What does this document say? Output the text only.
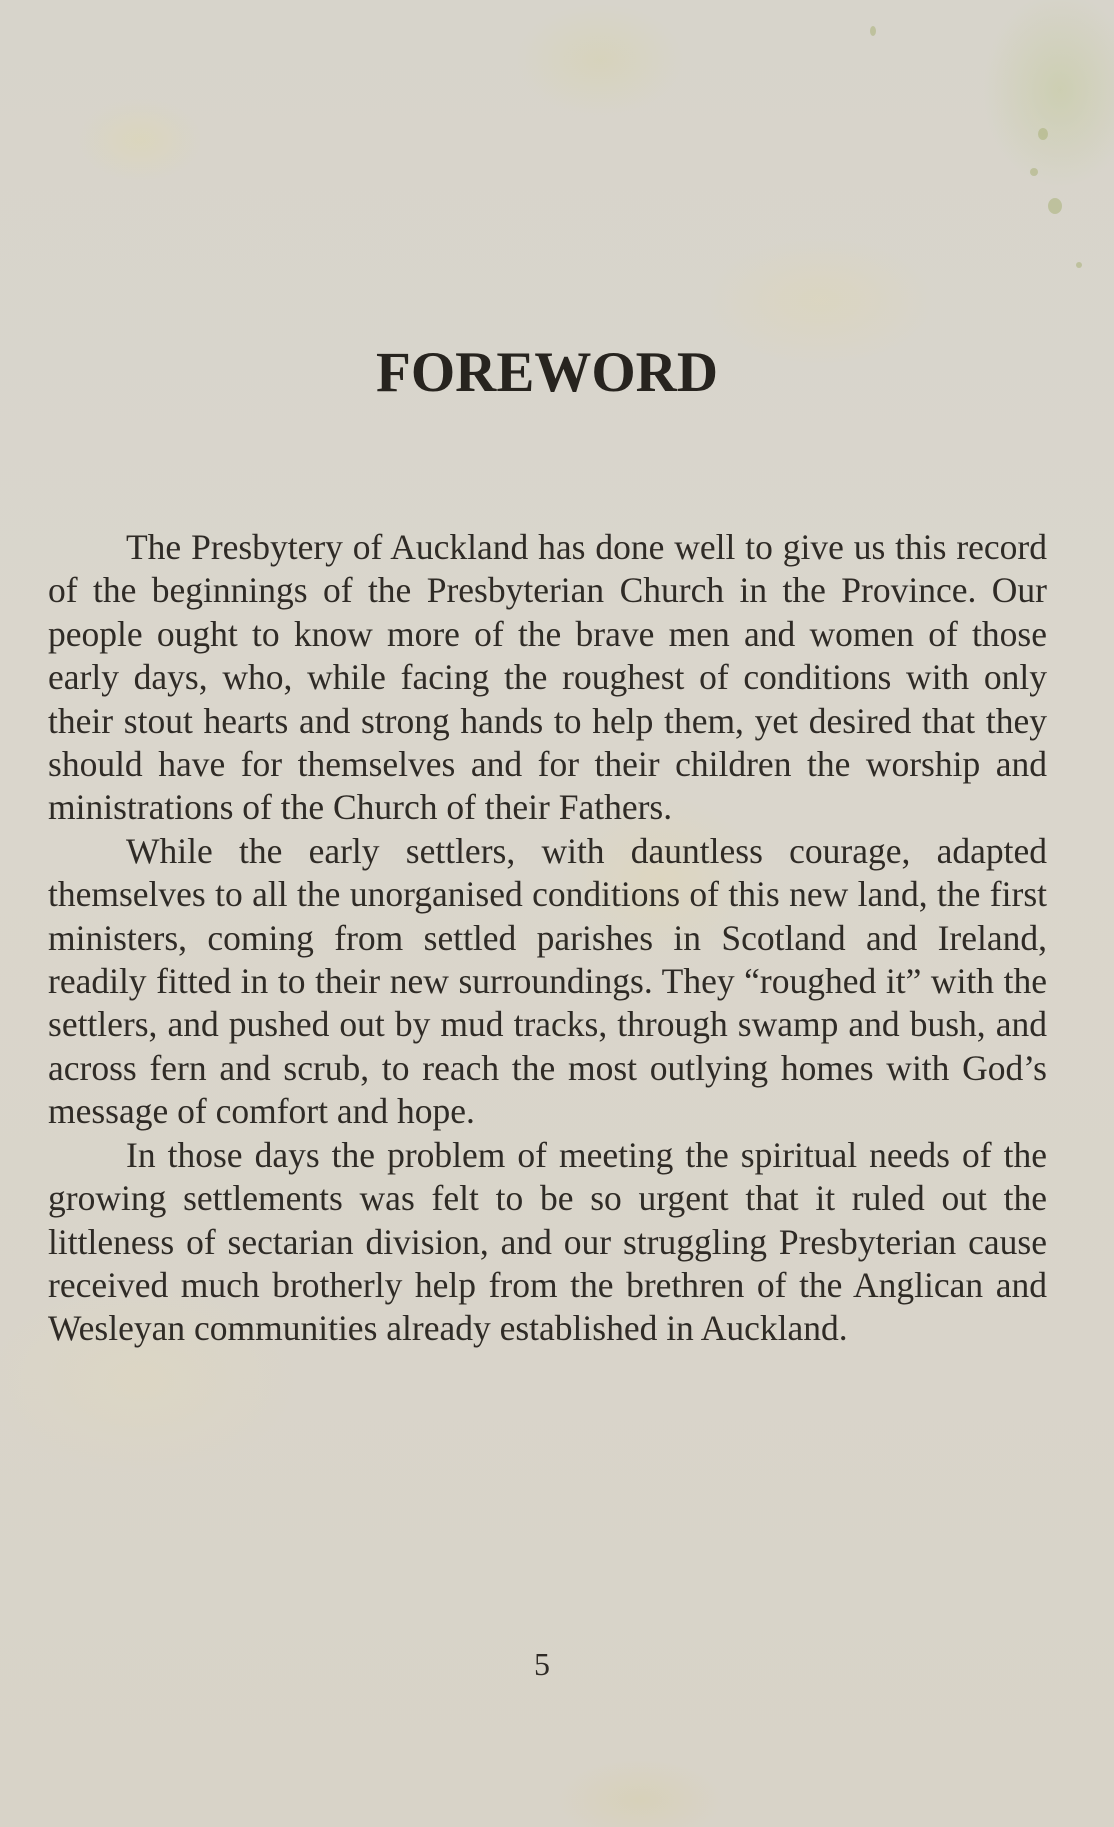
FOREWORD

The Presbytery of Auckland has done well to give us this record of the beginnings of the Presbyterian Church in the Province. Our people ought to know more of the brave men and women of those early days, who, while facing the roughest of conditions with only their stout hearts and strong hands to help them, yet desired that they should have for themselves and for their children the worship and ministrations of the Church of their Fathers.

While the early settlers, with dauntless courage, adapted themselves to all the unorganised conditions of this new land, the first ministers, coming from settled parishes in Scotland and Ireland, readily fitted in to their new surroundings. They “roughed it” with the settlers, and pushed out by mud tracks, through swamp and bush, and across fern and scrub, to reach the most outlying homes with God’s message of comfort and hope.

In those days the problem of meeting the spiritual needs of the growing settlements was felt to be so urgent that it ruled out the littleness of sectarian division, and our struggling Presbyterian cause received much brotherly help from the brethren of the Anglican and Wesleyan communities already established in Auckland.

5
